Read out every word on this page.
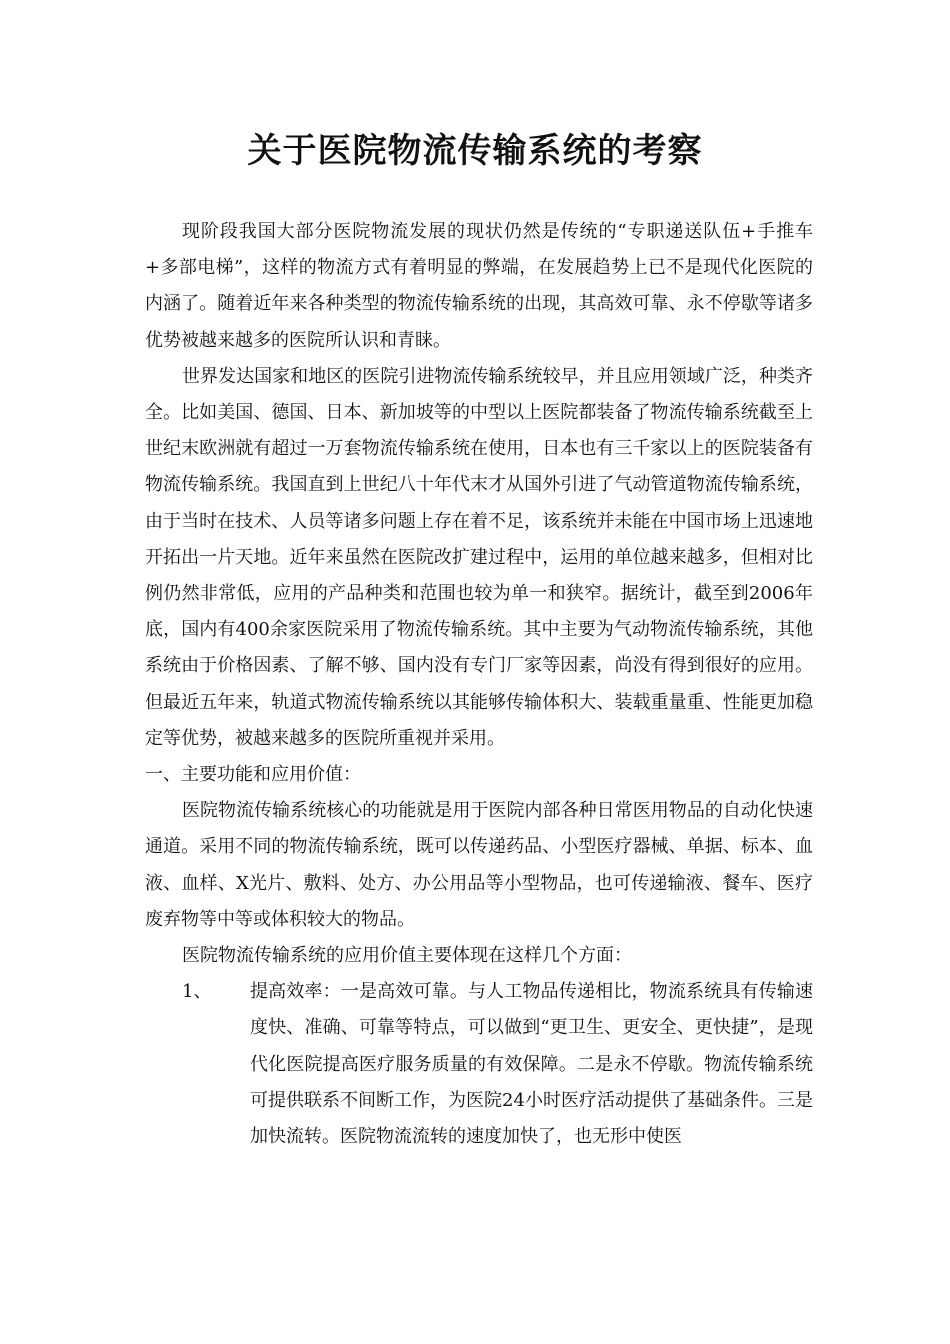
关于医院物流传输系统的考察

现阶段我国大部分医院物流发展的现状仍然是传统的“专职递送队伍+手推车+多部电梯”，这样的物流方式有着明显的弊端，在发展趋势上已不是现代化医院的内涵了。随着近年来各种类型的物流传输系统的出现，其高效可靠、永不停歇等诸多优势被越来越多的医院所认识和青睐。

世界发达国家和地区的医院引进物流传输系统较早，并且应用领域广泛，种类齐全。比如美国、德国、日本、新加坡等的中型以上医院都装备了物流传输系统截至上世纪末欧洲就有超过一万套物流传输系统在使用，日本也有三千家以上的医院装备有物流传输系统。我国直到上世纪八十年代末才从国外引进了气动管道物流传输系统，由于当时在技术、人员等诸多问题上存在着不足，该系统并未能在中国市场上迅速地开拓出一片天地。近年来虽然在医院改扩建过程中，运用的单位越来越多，但相对比例仍然非常低，应用的产品种类和范围也较为单一和狭窄。据统计，截至到2006年底，国内有400余家医院采用了物流传输系统。其中主要为气动物流传输系统，其他系统由于价格因素、了解不够、国内没有专门厂家等因素，尚没有得到很好的应用。但最近五年来，轨道式物流传输系统以其能够传输体积大、装载重量重、性能更加稳定等优势，被越来越多的医院所重视并采用。

一、主要功能和应用价值：

医院物流传输系统核心的功能就是用于医院内部各种日常医用物品的自动化快速通道。采用不同的物流传输系统，既可以传递药品、小型医疗器械、单据、标本、血液、血样、X光片、敷料、处方、办公用品等小型物品，也可传递输液、餐车、医疗废弃物等中等或体积较大的物品。

医院物流传输系统的应用价值主要体现在这样几个方面：

1、 提高效率：一是高效可靠。与人工物品传递相比，物流系统具有传输速度快、准确、可靠等特点，可以做到“更卫生、更安全、更快捷”，是现代化医院提高医疗服务质量的有效保障。二是永不停歇。物流传输系统可提供联系不间断工作，为医院24小时医疗活动提供了基础条件。三是加快流转。医院物流流转的速度加快了，也无形中使医
